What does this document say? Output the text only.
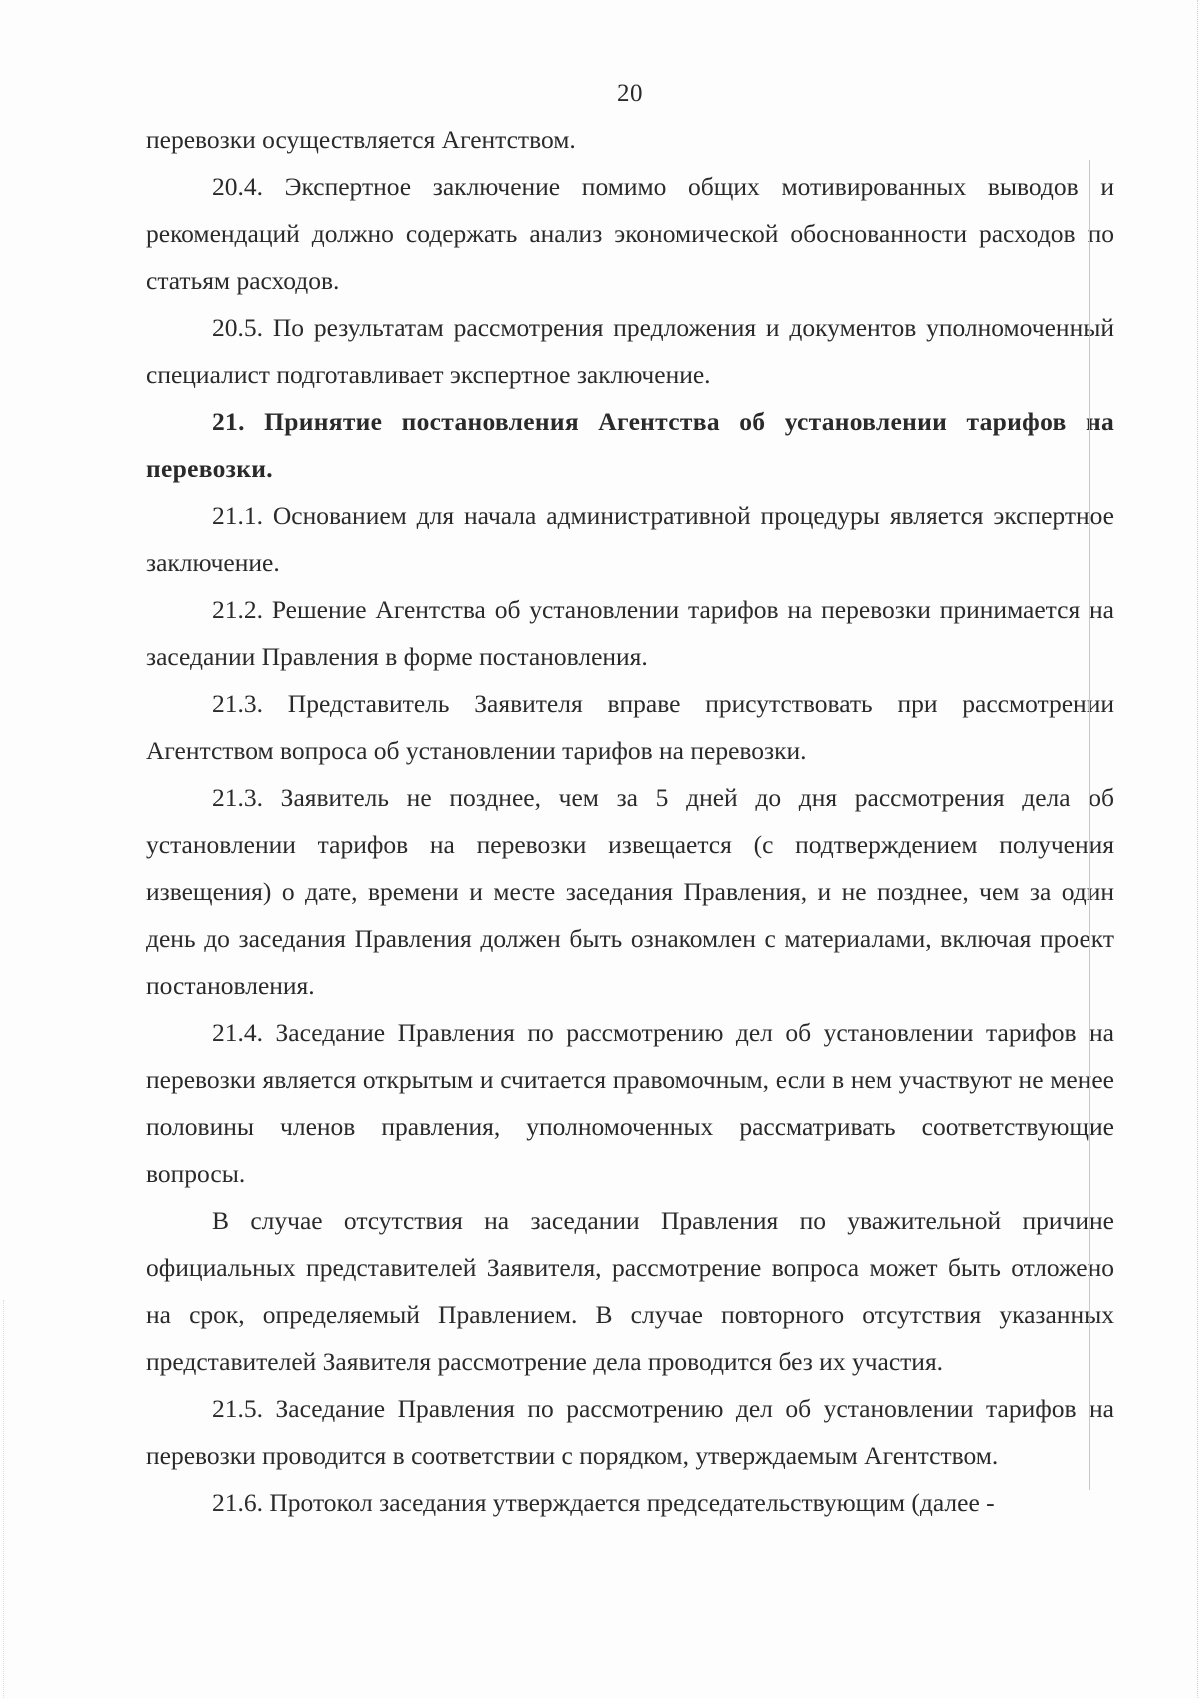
20

перевозки осуществляется Агентством.

20.4. Экспертное заключение помимо общих мотивированных выводов и рекомендаций должно содержать анализ экономической обоснованности расходов по статьям расходов.

20.5. По результатам рассмотрения предложения и документов уполномоченный специалист подготавливает экспертное заключение.

21. Принятие постановления Агентства об установлении тарифов на перевозки.

21.1. Основанием для начала административной процедуры является экспертное заключение.

21.2. Решение Агентства об установлении тарифов на перевозки принимается на заседании Правления в форме постановления.

21.3. Представитель Заявителя вправе присутствовать при рассмотрении Агентством вопроса об установлении тарифов на перевозки.

21.3. Заявитель не позднее, чем за 5 дней до дня рассмотрения дела об установлении тарифов на перевозки извещается (с подтверждением получения извещения) о дате, времени и месте заседания Правления, и не позднее, чем за один день до заседания Правления должен быть ознакомлен с материалами, включая проект постановления.

21.4. Заседание Правления по рассмотрению дел об установлении тарифов на перевозки является открытым и считается правомочным, если в нем участвуют не менее половины членов правления, уполномоченных рассматривать соответствующие вопросы.

В случае отсутствия на заседании Правления по уважительной причине официальных представителей Заявителя, рассмотрение вопроса может быть отложено на срок, определяемый Правлением. В случае повторного отсутствия указанных представителей Заявителя рассмотрение дела проводится без их участия.

21.5. Заседание Правления по рассмотрению дел об установлении тарифов на перевозки проводится в соответствии с порядком, утверждаемым Агентством.

21.6. Протокол заседания утверждается председательствующим (далее -
